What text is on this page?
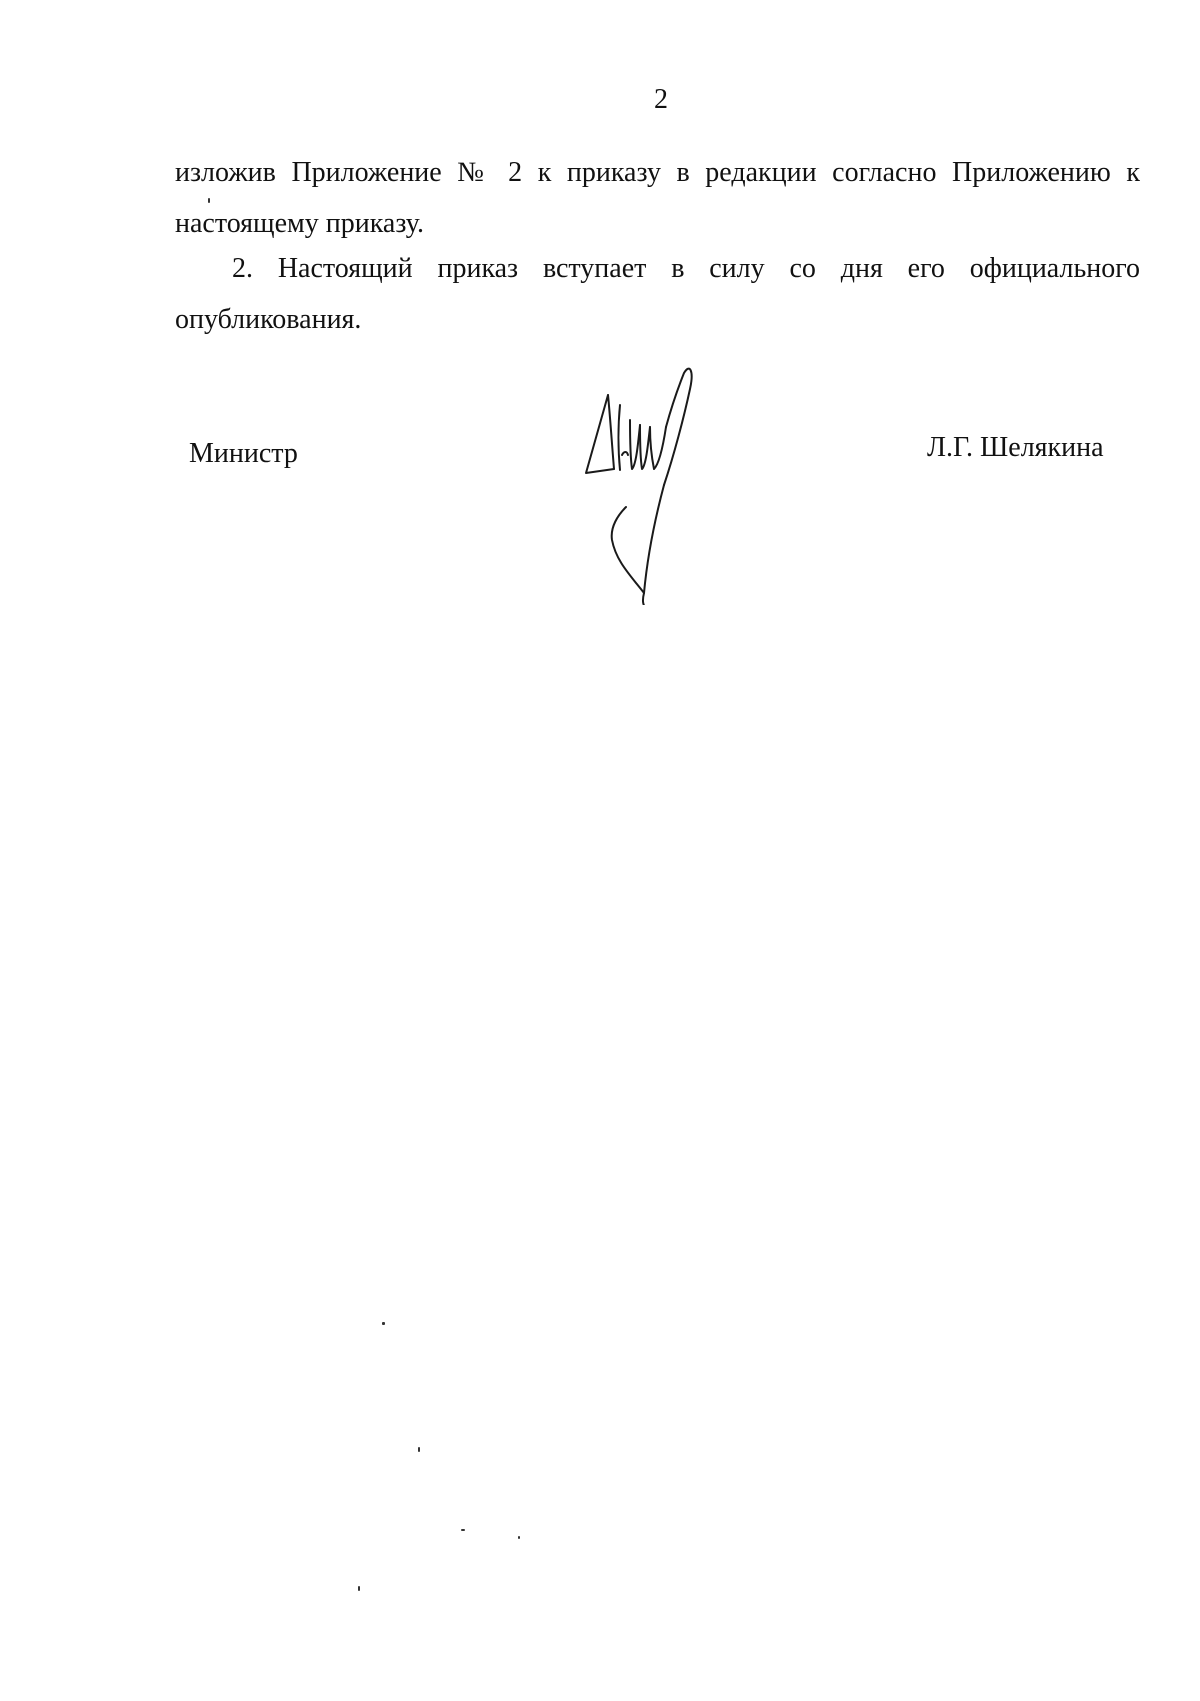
2
изложив Приложение № 2 к приказу в редакции согласно Приложению к
настоящему приказу.
2. Настоящий приказ вступает в силу со дня его официального
опубликования.
Министр	Л.Г. Шелякина
